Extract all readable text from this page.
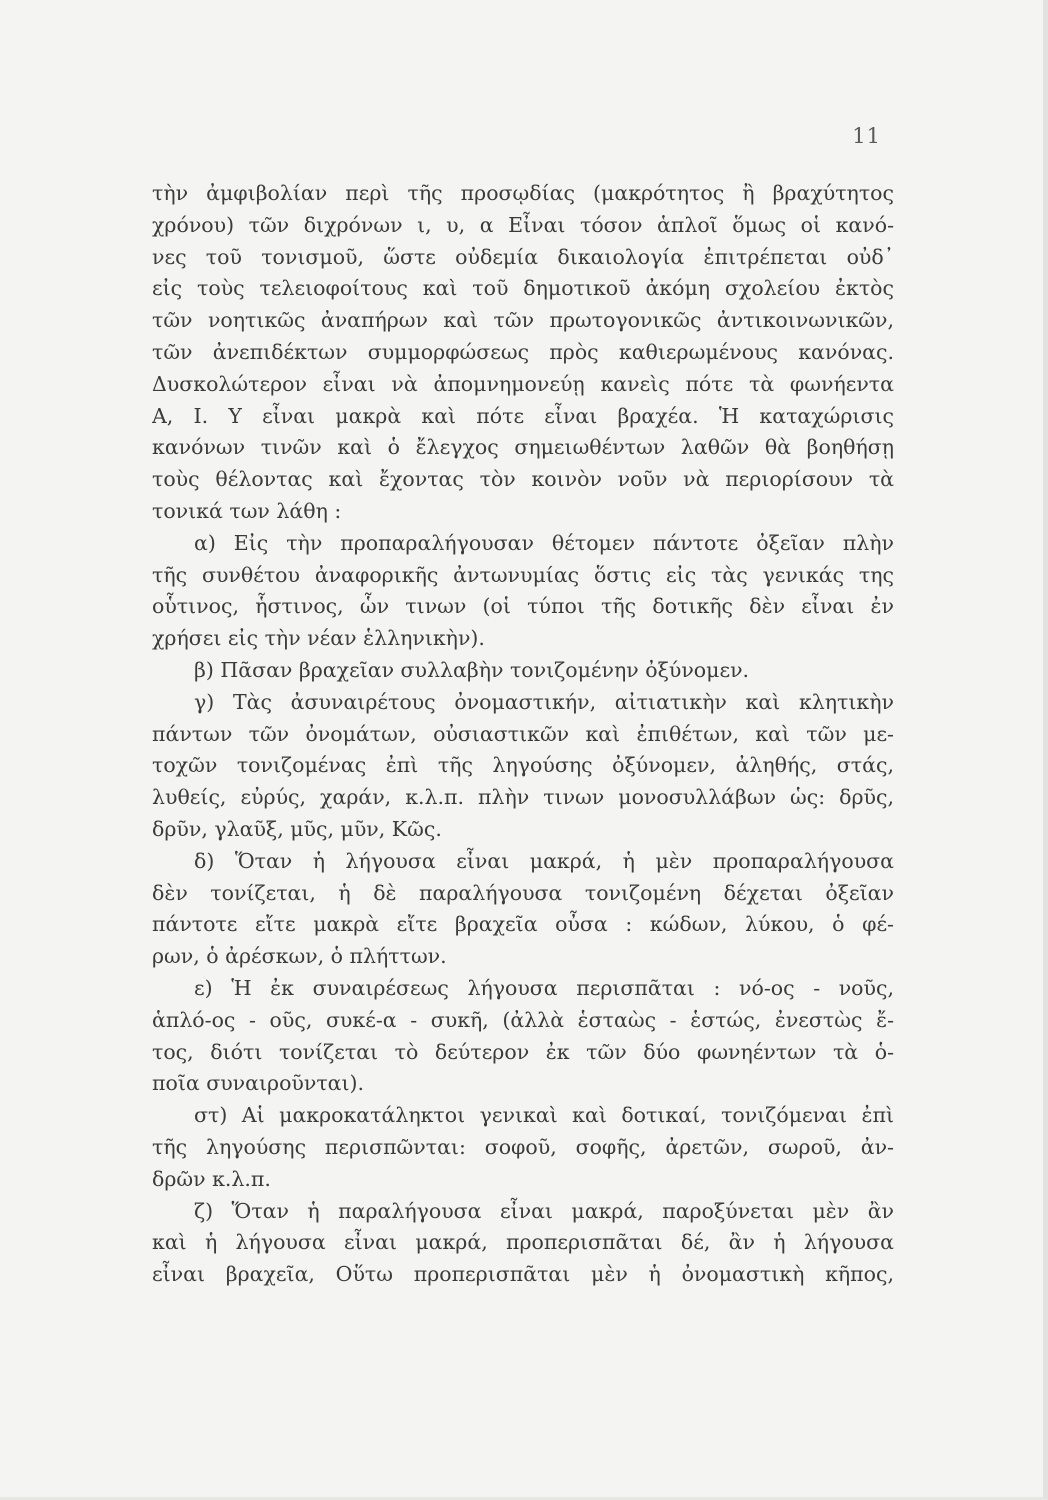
11
τὴν ἀμφιβολίαν περὶ τῆς προσῳδίας (μακρότητος ἢ βραχύτητος
χρόνου) τῶν διχρόνων ι, υ, α Εἶναι τόσον ἁπλοῖ ὅμως οἱ κανό-
νες τοῦ τονισμοῦ, ὥστε οὐδεμία δικαιολογία ἐπιτρέπεται οὐδ᾽
εἰς τοὺς τελειοφοίτους καὶ τοῦ δημοτικοῦ ἀκόμη σχολείου ἐκτὸς
τῶν νοητικῶς ἀναπήρων καὶ τῶν πρωτογονικῶς ἀντικοινωνικῶν,
τῶν ἀνεπιδέκτων συμμορφώσεως πρὸς καθιερωμένους κανόνας.
Δυσκολώτερον εἶναι νὰ ἀπομνημονεύῃ κανεὶς πότε τὰ φωνήεντα
Α, Ι. Υ εἶναι μακρὰ καὶ πότε εἶναι βραχέα. Ἡ καταχώρισις
κανόνων τινῶν καὶ ὁ ἔλεγχος σημειωθέντων λαθῶν θὰ βοηθήσῃ
τοὺς θέλοντας καὶ ἔχοντας τὸν κοινὸν νοῦν νὰ περιορίσουν τὰ
τονικά των λάθη :
α) Εἰς τὴν προπαραλήγουσαν θέτομεν πάντοτε ὀξεῖαν πλὴν
τῆς συνθέτου ἀναφορικῆς ἀντωνυμίας ὅστις εἰς τὰς γενικάς της
οὗτινος, ἧστινος, ὧν τινων (οἱ τύποι τῆς δοτικῆς δὲν εἶναι ἐν
χρήσει εἰς τὴν νέαν ἑλληνικὴν).
β) Πᾶσαν βραχεῖαν συλλαβὴν τονιζομένην ὀξύνομεν.
γ) Τὰς ἀσυναιρέτους ὀνομαστικήν, αἰτιατικὴν καὶ κλητικὴν
πάντων τῶν ὀνομάτων, οὐσιαστικῶν καὶ ἐπιθέτων, καὶ τῶν με-
τοχῶν τονιζομένας ἐπὶ τῆς ληγούσης ὀξύνομεν, ἀληθής, στάς,
λυθείς, εὐρύς, χαράν, κ.λ.π. πλὴν τινων μονοσυλλάβων ὡς: δρῦς,
δρῦν, γλαῦξ, μῦς, μῦν, Κῶς.
δ) Ὅταν ἡ λήγουσα εἶναι μακρά, ἡ μὲν προπαραλήγουσα
δὲν τονίζεται, ἡ δὲ παραλήγουσα τονιζομένη δέχεται ὀξεῖαν
πάντοτε εἴτε μακρὰ εἴτε βραχεῖα οὖσα : κώδων, λύκου, ὁ φέ-
ρων, ὁ ἀρέσκων, ὁ πλήττων.
ε) Ἡ ἐκ συναιρέσεως λήγουσα περισπᾶται : νό-ος - νοῦς,
ἁπλό-ος - οῦς, συκέ-α - συκῆ, (ἀλλὰ ἑσταὼς - ἑστώς, ἐνεστὼς ἔ-
τος, διότι τονίζεται τὸ δεύτερον ἐκ τῶν δύο φωνηέντων τὰ ὁ-
ποῖα συναιροῦνται).
στ) Αἱ μακροκατάληκτοι γενικαὶ καὶ δοτικαί, τονιζόμεναι ἐπὶ
τῆς ληγούσης περισπῶνται: σοφοῦ, σοφῆς, ἀρετῶν, σωροῦ, ἀν-
δρῶν κ.λ.π.
ζ) Ὅταν ἡ παραλήγουσα εἶναι μακρά, παροξύνεται μὲν ἂν
καὶ ἡ λήγουσα εἶναι μακρά, προπερισπᾶται δέ, ἂν ἡ λήγουσα
εἶναι βραχεῖα, Οὕτω προπερισπᾶται μὲν ἡ ὀνομαστικὴ κῆπος,
